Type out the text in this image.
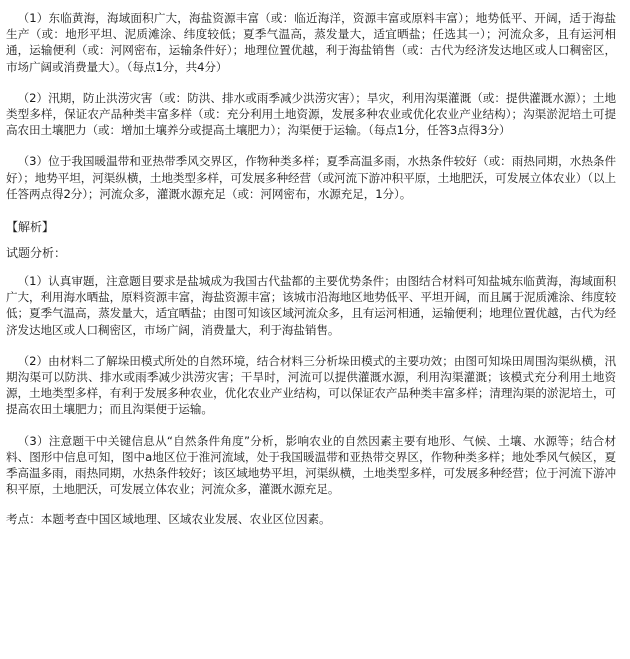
（1）东临黄海，海域面积广大，海盐资源丰富（或：临近海洋，资源丰富或原料丰富）；地势低平、开阔，适于海盐生产（或：地形平坦、泥质滩涂、纬度较低；夏季气温高，蒸发量大，适宜晒盐；任选其一）；河流众多，且有运河相通，运输便利（或：河网密布，运输条件好）；地理位置优越，利于海盐销售（或：古代为经济发达地区或人口稠密区，市场广阔或消费量大）。（每点1分，共4分）

（2）汛期，防止洪涝灾害（或：防洪、排水或雨季减少洪涝灾害）；旱灾，利用沟渠灌溉（或：提供灌溉水源）；土地类型多样，保证农产品种类丰富多样（或：充分利用土地资源，发展多种农业或优化农业产业结构）；沟渠淤泥培土可提高农田土壤肥力（或：增加土壤养分或提高土壤肥力）；沟渠便于运输。（每点1分，任答3点得3分）

（3）位于我国暖温带和亚热带季风交界区，作物种类多样；夏季高温多雨，水热条件较好（或：雨热同期，水热条件好）；地势平坦，河渠纵横，土地类型多样，可发展多种经营（或河流下游冲积平原，土地肥沃，可发展立体农业）（以上任答两点得2分）；河流众多，灌溉水源充足（或：河网密布，水源充足，1分）。

【解析】

试题分析：

（1）认真审题，注意题目要求是盐城成为我国古代盐都的主要优势条件；由图结合材料可知盐城东临黄海，海域面积广大，利用海水晒盐，原料资源丰富，海盐资源丰富；该城市沿海地区地势低平、平坦开阔，而且属于泥质滩涂、纬度较低；夏季气温高，蒸发量大，适宜晒盐；由图可知该区域河流众多，且有运河相通，运输便利；地理位置优越，古代为经济发达地区或人口稠密区，市场广阔，消费量大，利于海盐销售。

（2）由材料二了解垛田模式所处的自然环境，结合材料三分析垛田模式的主要功效；由图可知垛田周围沟渠纵横，汛期沟渠可以防洪、排水或雨季减少洪涝灾害；干旱时，河流可以提供灌溉水源，利用沟渠灌溉；该模式充分利用土地资源，土地类型多样，有利于发展多种农业，优化农业产业结构，可以保证农产品种类丰富多样；清理沟渠的淤泥培土，可提高农田土壤肥力；而且沟渠便于运输。

（3）注意题干中关键信息从“自然条件角度”分析，影响农业的自然因素主要有地形、气候、土壤、水源等；结合材料、图形中信息可知，图中a地区位于淮河流域，处于我国暖温带和亚热带交界区，作物种类多样；地处季风气候区，夏季高温多雨，雨热同期，水热条件较好；该区域地势平坦，河渠纵横，土地类型多样，可发展多种经营；位于河流下游冲积平原，土地肥沃，可发展立体农业；河流众多，灌溉水源充足。

考点：本题考查中国区域地理、区域农业发展、农业区位因素。
